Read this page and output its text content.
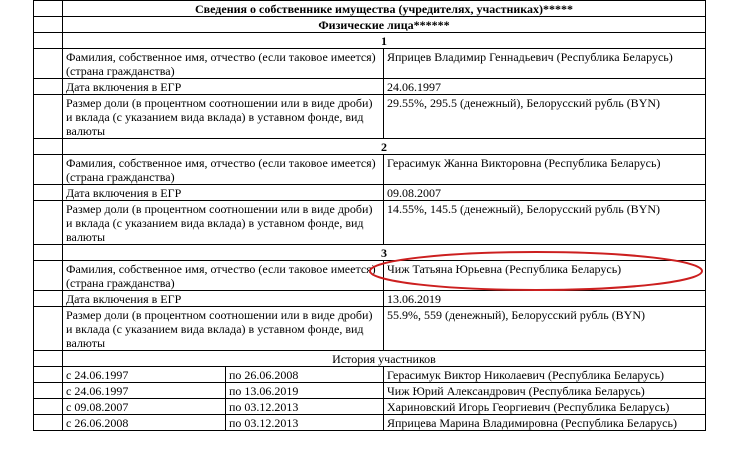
	Сведения о собственнике имущества (учредителях, участниках)*****		
	Физические лица******		
	1		
	Фамилия, собственное имя, отчество (если таковое имеется) (страна гражданства)		Яприцев Владимир Геннадьевич (Республика Беларусь)
	Дата включения в ЕГР		24.06.1997
	Размер доли (в процентном соотношении или в виде дроби) и вклада (с указанием вида вклада) в уставном фонде, вид валюты		29.55%, 295.5 (денежный), Белорусский рубль (BYN)
	2		
	Фамилия, собственное имя, отчество (если таковое имеется) (страна гражданства)		Герасимук Жанна Викторовна (Республика Беларусь)
	Дата включения в ЕГР		09.08.2007
	Размер доли (в процентном соотношении или в виде дроби) и вклада (с указанием вида вклада) в уставном фонде, вид валюты		14.55%, 145.5 (денежный), Белорусский рубль (BYN)
	3		
	Фамилия, собственное имя, отчество (если таковое имеется) (страна гражданства)		Чиж Татьяна Юрьевна (Республика Беларусь)
	Дата включения в ЕГР		13.06.2019
	Размер доли (в процентном соотношении или в виде дроби) и вклада (с указанием вида вклада) в уставном фонде, вид валюты		55.9%, 559 (денежный), Белорусский рубль (BYN)
	История участников		
	с 24.06.1997	по 26.06.2008	Герасимук Виктор Николаевич (Республика Беларусь)
	с 24.06.1997	по 13.06.2019	Чиж Юрий Александрович (Республика Беларусь)
	с 09.08.2007	по 03.12.2013	Хариновский Игорь Георгиевич (Республика Беларусь)
	с 26.06.2008	по 03.12.2013	Яприцева Марина Владимировна (Республика Беларусь)
